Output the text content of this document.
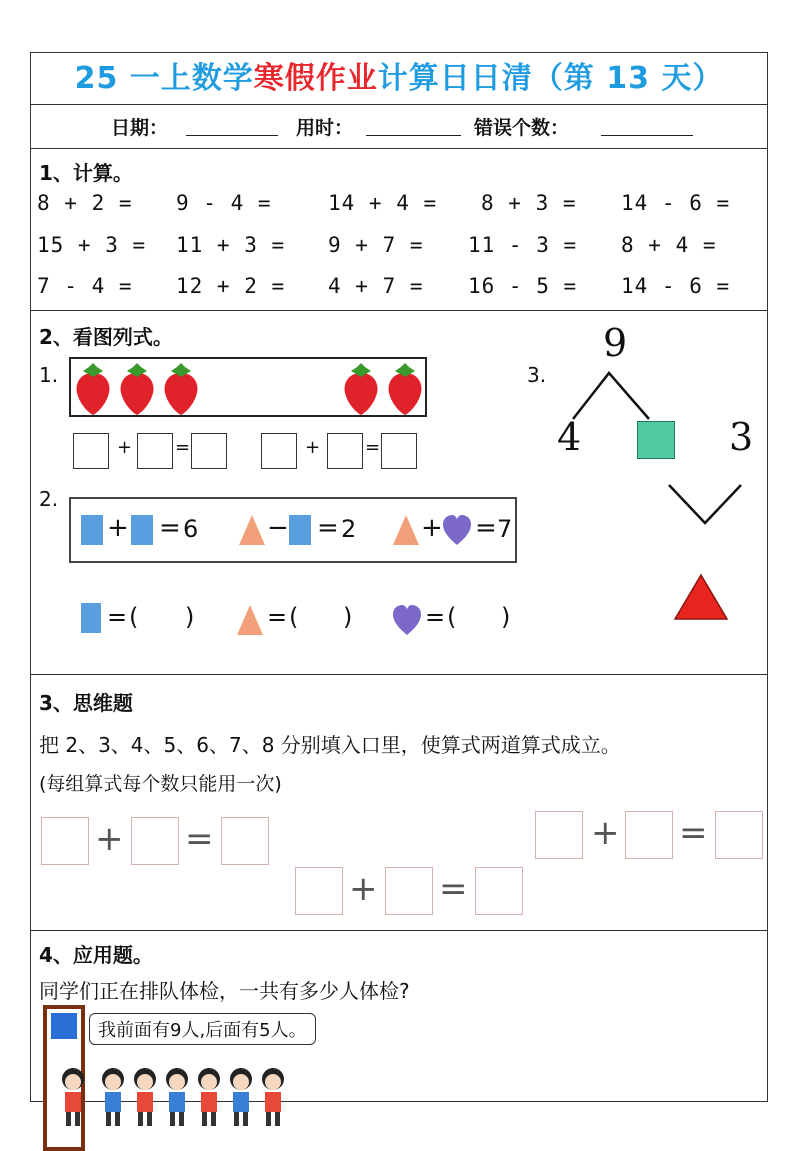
25 一上数学寒假作业计算日日清（第 13 天）
日期：	用时：	错误个数：
1、计算。
8 + 2 = 9 - 4 =	14 + 4 = 8 + 3 = 14 - 6 =
15 + 3 = 11 + 3 = 9 + 7 = 11 - 3 = 8 + 4 =
7 - 4 = 12 + 2 = 4 + 7 = 16 - 5 = 14 - 6 =
2、看图列式。
1.
+ =	+ =
2.
+ = 6	− = 2 + = 7
= ( )	= ( )	= ( )
3.
9
4	3
3、思维题
把 2、3、4、5、6、7、8 分别填入口里，使算式两道算式成立。
(每组算式每个数只能用一次)
+ =	+ =
+ =
4、应用题。
同学们正在排队体检，一共有多少人体检?
我前面有9人,后面有5人。
